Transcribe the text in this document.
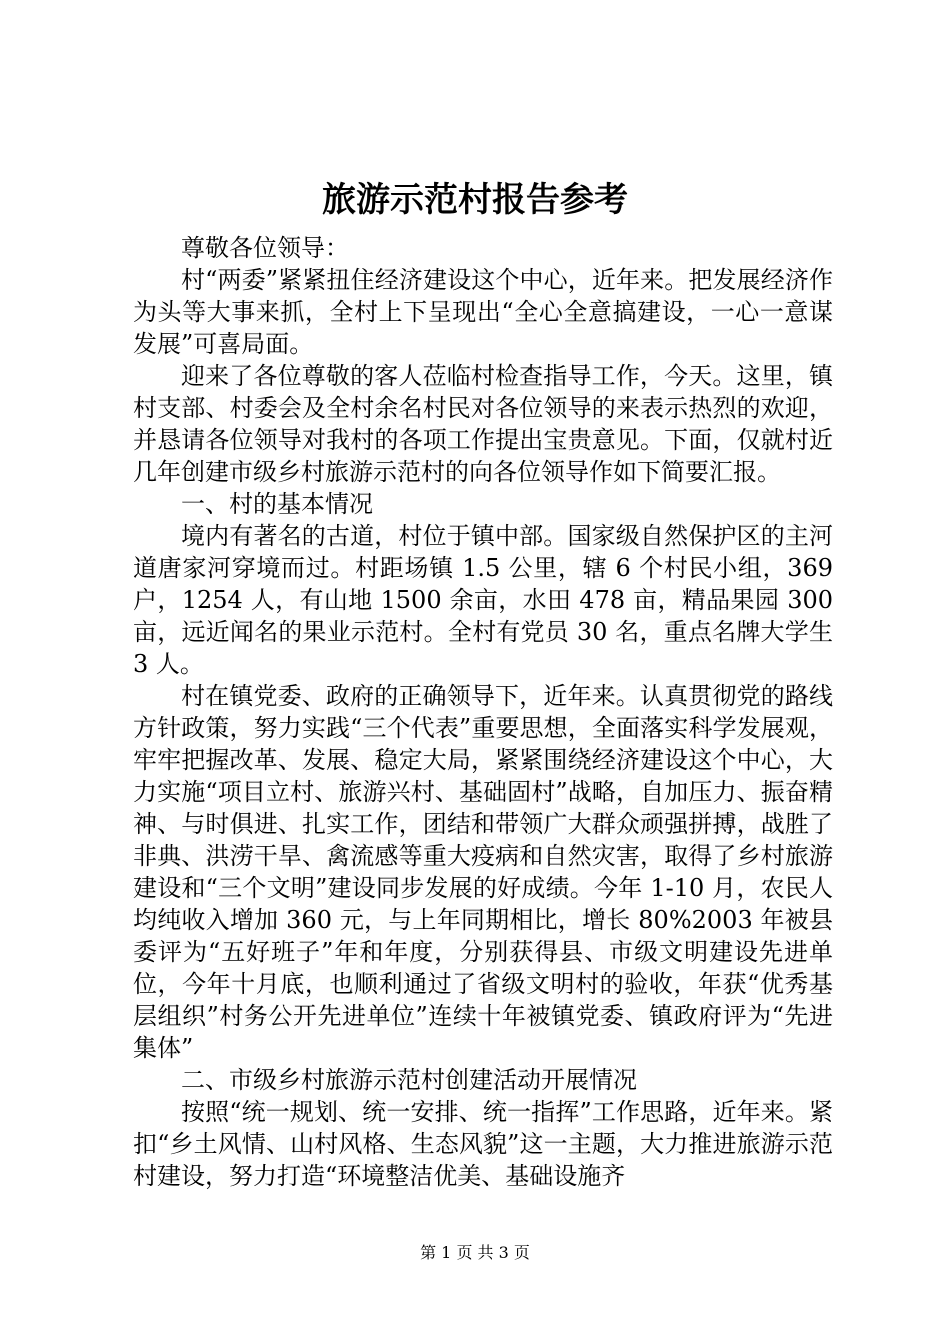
旅游示范村报告参考

尊敬各位领导：

村“两委”紧紧扭住经济建设这个中心，近年来。把发展经济作为头等大事来抓，全村上下呈现出“全心全意搞建设，一心一意谋发展”可喜局面。

迎来了各位尊敬的客人莅临村检查指导工作，今天。这里，镇村支部、村委会及全村余名村民对各位领导的来表示热烈的欢迎，并恳请各位领导对我村的各项工作提出宝贵意见。下面，仅就村近几年创建市级乡村旅游示范村的向各位领导作如下简要汇报。

一、村的基本情况

境内有著名的古道，村位于镇中部。国家级自然保护区的主河道唐家河穿境而过。村距场镇 1.5 公里，辖 6 个村民小组，369 户，1254 人，有山地 1500 余亩，水田 478 亩，精品果园 300 亩，远近闻名的果业示范村。全村有党员 30 名，重点名牌大学生 3 人。

村在镇党委、政府的正确领导下，近年来。认真贯彻党的路线方针政策，努力实践“三个代表”重要思想，全面落实科学发展观，牢牢把握改革、发展、稳定大局，紧紧围绕经济建设这个中心，大力实施“项目立村、旅游兴村、基础固村”战略，自加压力、振奋精神、与时俱进、扎实工作，团结和带领广大群众顽强拼搏，战胜了非典、洪涝干旱、禽流感等重大疫病和自然灾害，取得了乡村旅游建设和“三个文明”建设同步发展的好成绩。今年 1-10 月，农民人均纯收入增加 360 元，与上年同期相比，增长 80%2003 年被县委评为“五好班子”年和年度，分别获得县、市级文明建设先进单位，今年十月底，也顺利通过了省级文明村的验收，年获“优秀基层组织”村务公开先进单位”连续十年被镇党委、镇政府评为“先进集体”

二、市级乡村旅游示范村创建活动开展情况

按照“统一规划、统一安排、统一指挥”工作思路，近年来。紧扣“乡土风情、山村风格、生态风貌”这一主题，大力推进旅游示范村建设，努力打造“环境整洁优美、基础设施齐

第 1 页 共 3 页
